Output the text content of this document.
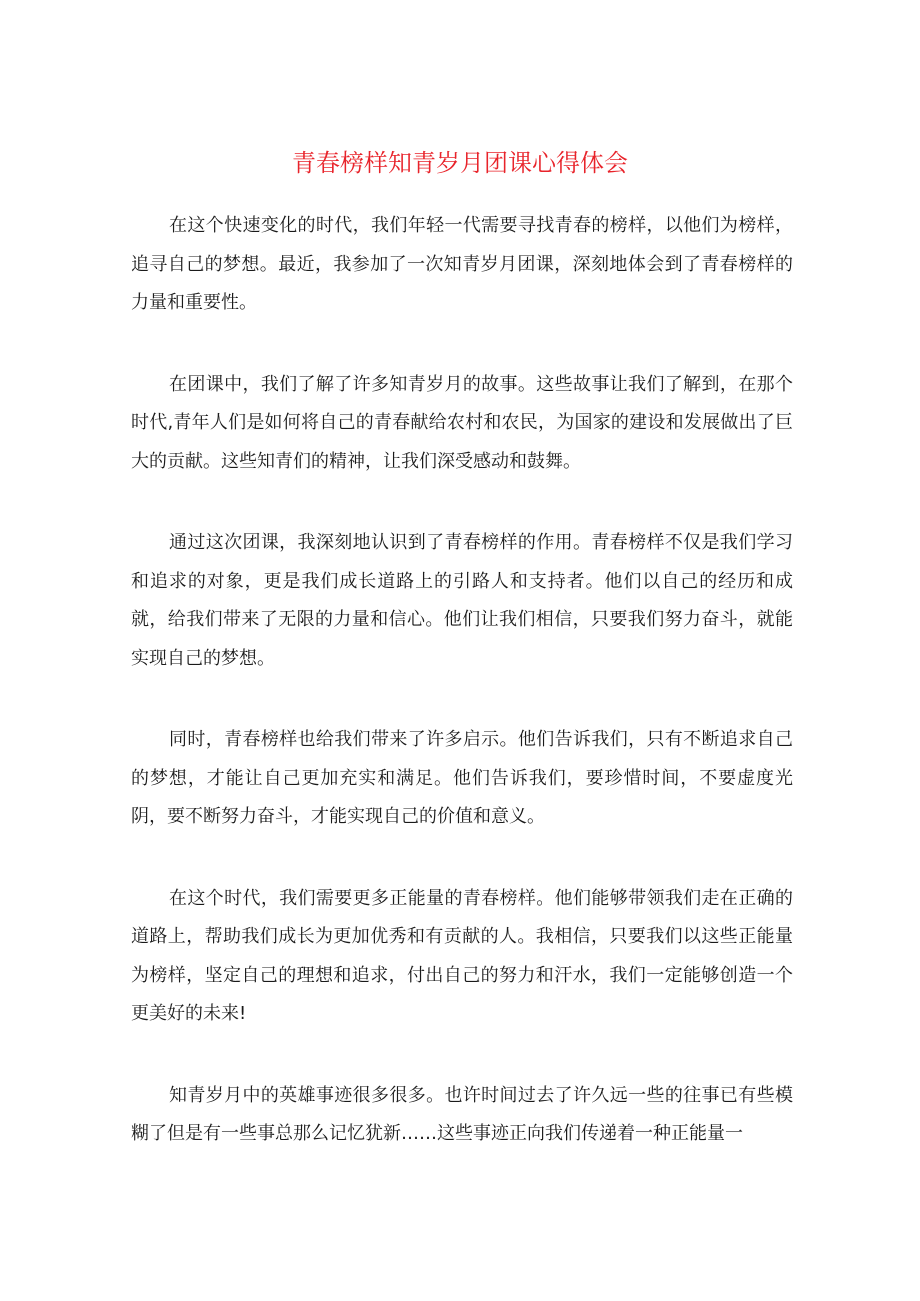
青春榜样知青岁月团课心得体会

在这个快速变化的时代，我们年轻一代需要寻找青春的榜样，以他们为榜样，追寻自己的梦想。最近，我参加了一次知青岁月团课，深刻地体会到了青春榜样的力量和重要性。

在团课中，我们了解了许多知青岁月的故事。这些故事让我们了解到，在那个时代,青年人们是如何将自己的青春献给农村和农民，为国家的建设和发展做出了巨大的贡献。这些知青们的精神，让我们深受感动和鼓舞。

通过这次团课，我深刻地认识到了青春榜样的作用。青春榜样不仅是我们学习和追求的对象，更是我们成长道路上的引路人和支持者。他们以自己的经历和成就，给我们带来了无限的力量和信心。他们让我们相信，只要我们努力奋斗，就能实现自己的梦想。

同时，青春榜样也给我们带来了许多启示。他们告诉我们，只有不断追求自己的梦想，才能让自己更加充实和满足。他们告诉我们，要珍惜时间，不要虚度光阴，要不断努力奋斗，才能实现自己的价值和意义。

在这个时代，我们需要更多正能量的青春榜样。他们能够带领我们走在正确的道路上，帮助我们成长为更加优秀和有贡献的人。我相信，只要我们以这些正能量为榜样，坚定自己的理想和追求，付出自己的努力和汗水，我们一定能够创造一个更美好的未来!

知青岁月中的英雄事迹很多很多。也许时间过去了许久远一些的往事已有些模糊了但是有一些事总那么记忆犹新……这些事迹正向我们传递着一种正能量一
